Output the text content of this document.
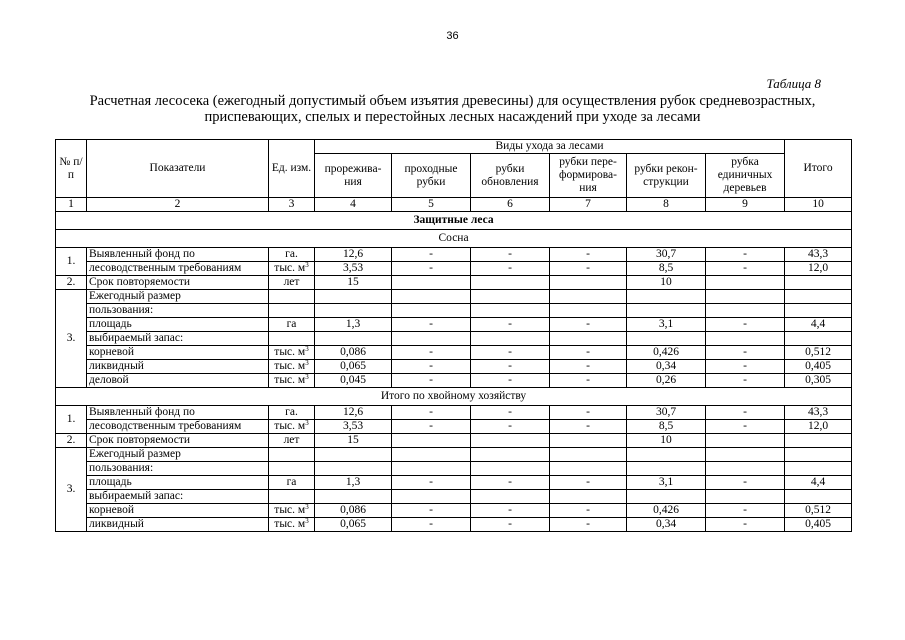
36
Таблица 8
Расчетная лесосека (ежегодный допустимый объем изъятия древесины) для осуществления рубок средневозрастных, приспевающих, спелых и перестойных лесных насаждений при уходе за лесами
№ п/п	Показатели	Ед. изм.	Виды ухода за лесами						Итого
			прорежива-ния	проходные рубки	рубки обновления	рубки пере-формирова-ния	рубки рекон-струкции	рубка единичных деревьев	
1	2	3	4	5	6	7	8	9	10
Защитные леса									
Сосна									
1.	Выявленный фонд по	га.	12,6	-	-	-	30,7	-	43,3
	лесоводственным требованиям	тыс. $м^3$	3,53	-	-	-	8,5	-	12,0
2.	Срок повторяемости	лет	15				10		
3.	Ежегодный размер								
	пользования:								
	площадь	га	1,3	-	-	-	3,1	-	4,4
	выбираемый запас:								
	корневой	тыс. $м^3$	0,086	-	-	-	0,426	-	0,512
	ликвидный	тыс. $м^3$	0,065	-	-	-	0,34	-	0,405
	деловой	тыс. $м^3$	0,045	-	-	-	0,26	-	0,305
Итого по хвойному хозяйству									
1.	Выявленный фонд по	га.	12,6	-	-	-	30,7	-	43,3
	лесоводственным требованиям	тыс. $м^3$	3,53	-	-	-	8,5	-	12,0
2.	Срок повторяемости	лет	15				10		
3.	Ежегодный размер								
	пользования:								
	площадь	га	1,3	-	-	-	3,1	-	4,4
	выбираемый запас:								
	корневой	тыс. $м^3$	0,086	-	-	-	0,426	-	0,512
	ликвидный	тыс. $м^3$	0,065	-	-	-	0,34	-	0,405
